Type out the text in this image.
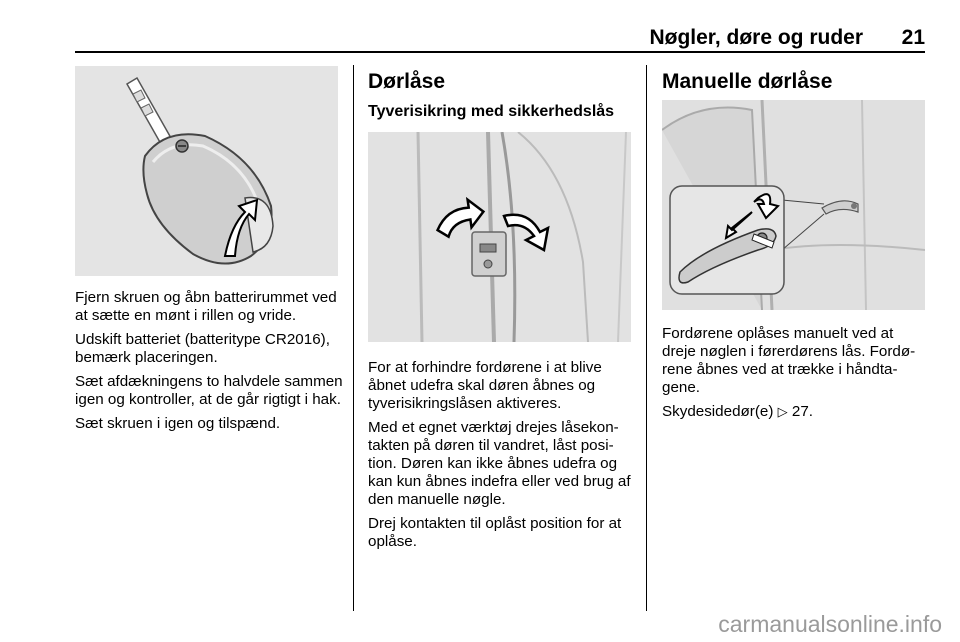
Nøgler, døre og ruder 21

Fjern skruen og åbn batterirummet ved at sætte en mønt i rillen og vride.

Udskift batteriet (batteritype CR2016), bemærk placeringen.

Sæt afdækningens to halvdele sammen igen og kontroller, at de går rigtigt i hak.

Sæt skruen i igen og tilspænd.

Dørlåse
Tyverisikring med sikkerhedslås

For at forhindre fordørene i at blive åbnet udefra skal døren åbnes og tyverisikringslåsen aktiveres.

Med et egnet værktøj drejes låsekon-takten på døren til vandret, låst posi-tion. Døren kan ikke åbnes udefra og kan kun åbnes indefra eller ved brug af den manuelle nøgle.

Drej kontakten til oplåst position for at oplåse.

Manuelle dørlåse

Fordørene oplåses manuelt ved at dreje nøglen i førerdørens lås. Fordø-rene åbnes ved at trække i håndta-gene.

Skydesidedør(e) ▷ 27.

carmanualsonline.info
